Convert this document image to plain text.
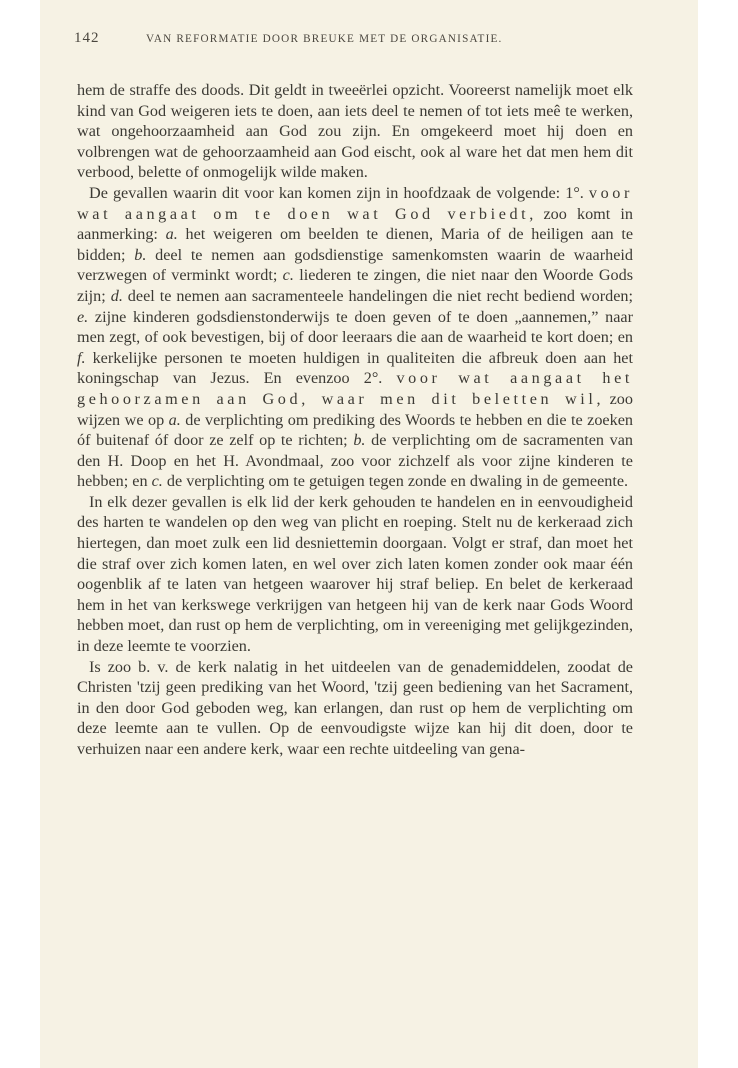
142	VAN REFORMATIE DOOR BREUKE MET DE ORGANISATIE.

hem de straffe des doods. Dit geldt in tweeërlei opzicht. Vooreerst namelijk moet elk kind van God weigeren iets te doen, aan iets deel te nemen of tot iets meê te werken, wat ongehoorzaamheid aan God zou zijn. En omgekeerd moet hij doen en volbrengen wat de gehoorzaamheid aan God eischt, ook al ware het dat men hem dit verbood, belette of onmogelijk wilde maken.

De gevallen waarin dit voor kan komen zijn in hoofdzaak de volgende: 1°. voor wat aangaat om te doen wat God verbiedt, zoo komt in aanmerking: a. het weigeren om beelden te dienen, Maria of de heiligen aan te bidden; b. deel te nemen aan godsdienstige samenkomsten waarin de waarheid verzwegen of verminkt wordt; c. liederen te zingen, die niet naar den Woorde Gods zijn; d. deel te nemen aan sacramenteele handelingen die niet recht bediend worden; e. zijne kinderen godsdienstonderwijs te doen geven of te doen „aannemen,” naar men zegt, of ook bevestigen, bij of door leeraars die aan de waarheid te kort doen; en f. kerkelijke personen te moeten huldigen in qualiteiten die afbreuk doen aan het koningschap van Jezus. En evenzoo 2°. voor wat aangaat het gehoorzamen aan God, waar men dit beletten wil, zoo wijzen we op a. de verplichting om prediking des Woords te hebben en die te zoeken óf buitenaf óf door ze zelf op te richten; b. de verplichting om de sacramenten van den H. Doop en het H. Avondmaal, zoo voor zichzelf als voor zijne kinderen te hebben; en c. de verplichting om te getuigen tegen zonde en dwaling in de gemeente.

In elk dezer gevallen is elk lid der kerk gehouden te handelen en in eenvoudigheid des harten te wandelen op den weg van plicht en roeping. Stelt nu de kerkeraad zich hiertegen, dan moet zulk een lid desniettemin doorgaan. Volgt er straf, dan moet het die straf over zich komen laten, en wel over zich laten komen zonder ook maar één oogenblik af te laten van hetgeen waarover hij straf beliep. En belet de kerkeraad hem in het van kerkswege verkrijgen van hetgeen hij van de kerk naar Gods Woord hebben moet, dan rust op hem de verplichting, om in vereeniging met gelijkgezinden, in deze leemte te voorzien.

Is zoo b. v. de kerk nalatig in het uitdeelen van de genademiddelen, zoodat de Christen 'tzij geen prediking van het Woord, 'tzij geen bediening van het Sacrament, in den door God geboden weg, kan erlangen, dan rust op hem de verplichting om deze leemte aan te vullen. Op de eenvoudigste wijze kan hij dit doen, door te verhuizen naar een andere kerk, waar een rechte uitdeeling van gena-
